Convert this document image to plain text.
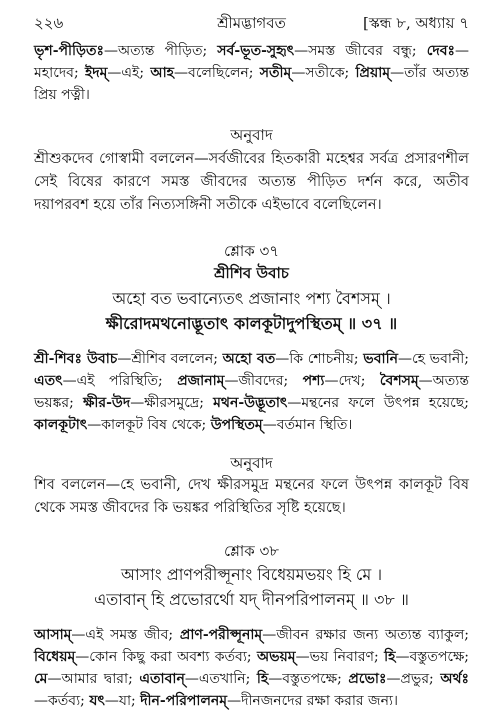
২২৬	শ্রীমদ্ভাগবত	[স্কন্ধ ৮, অধ্যায় ৭
ভৃশ-পীড়িতঃ—অত্যন্ত পীড়িত; সর্ব-ভূত-সুহৃৎ—সমস্ত জীবের বন্ধু; দেবঃ—মহাদেব; ইদম্—এই; আহ—বলেছিলেন; সতীম্—সতীকে; প্রিয়াম্—তাঁর অত্যন্ত প্রিয় পত্নী।
অনুবাদ
শ্রীশুকদেব গোস্বামী বললেন—সর্বজীবের হিতকারী মহেশ্বর সর্বত্র প্রসারণশীল সেই বিষের কারণে সমস্ত জীবদের অত্যন্ত পীড়িত দর্শন করে, অতীব দয়াপরবশ হয়ে তাঁর নিত্যসঙ্গিনী সতীকে এইভাবে বলেছিলেন।
শ্লোক ৩৭
শ্রীশিব উবাচ
অহো বত ভবান্যেতৎ প্রজানাং পশ্য বৈশসম্ ।
ক্ষীরোদমথনোদ্ভূতাৎ কালকূটাদুপস্থিতম্ ॥ ৩৭ ॥
শ্রী-শিবঃ উবাচ—শ্রীশিব বললেন; অহো বত—কি শোচনীয়; ভবানি—হে ভবানী; এতৎ—এই পরিস্থিতি; প্রজানাম্—জীবদের; পশ্য—দেখ; বৈশসম্—অত্যন্ত ভয়ঙ্কর; ক্ষীর-উদ—ক্ষীরসমুদ্রে; মথন-উদ্ভূতাৎ—মন্থনের ফলে উৎপন্ন হয়েছে; কালকূটাৎ—কালকূট বিষ থেকে; উপস্থিতম্—বর্তমান স্থিতি।
অনুবাদ
শিব বললেন—হে ভবানী, দেখ ক্ষীরসমুদ্র মন্থনের ফলে উৎপন্ন কালকূট বিষ থেকে সমস্ত জীবদের কি ভয়ঙ্কর পরিস্থিতির সৃষ্টি হয়েছে।
শ্লোক ৩৮
আসাং প্রাণপরীপ্সূনাং বিধেয়মভয়ং হি মে ।
এতাবান্ হি প্রভোরর্থো যদ্ দীনপরিপালনম্ ॥ ৩৮ ॥
আসাম্—এই সমস্ত জীব; প্রাণ-পরীপ্সূনাম্—জীবন রক্ষার জন্য অত্যন্ত ব্যাকুল; বিধেয়ম্—কোন কিছু করা অবশ্য কর্তব্য; অভয়ম্—ভয় নিবারণ; হি—বস্তুতপক্ষে; মে—আমার দ্বারা; এতাবান্—এতখানি; হি—বস্তুতপক্ষে; প্রভোঃ—প্রভুর; অর্থঃ—কর্তব্য; যৎ—যা; দীন-পরিপালনম্—দীনজনদের রক্ষা করার জন্য।
